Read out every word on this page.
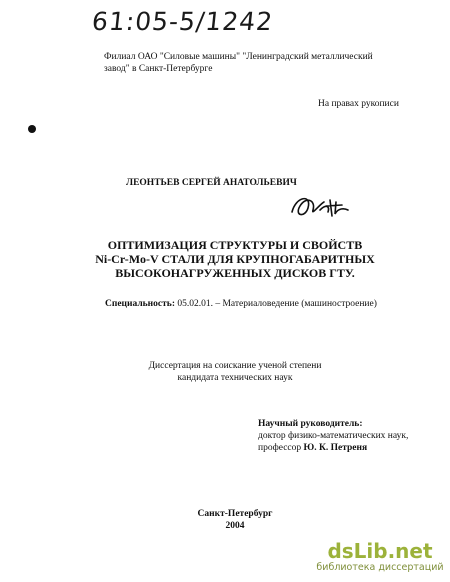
61:05-5/1242
Филиал ОАО "Силовые машины" "Ленинградский металлический
завод" в Санкт-Петербурге
На правах рукописи
ЛЕОНТЬЕВ СЕРГЕЙ АНАТОЛЬЕВИЧ
ОПТИМИЗАЦИЯ СТРУКТУРЫ И СВОЙСТВ
Ni-Cr-Mo-V СТАЛИ ДЛЯ КРУПНОГАБАРИТНЫХ
ВЫСОКОНАГРУЖЕННЫХ ДИСКОВ ГТУ.
Специальность: 05.02.01. – Материаловедение (машиностроение)
Диссертация на соискание ученой степени
кандидата технических наук
Научный руководитель:
доктор физико-математических наук,
профессор Ю. К. Петреня
Санкт-Петербург
2004
dsLib.net
библиотека диссертаций
